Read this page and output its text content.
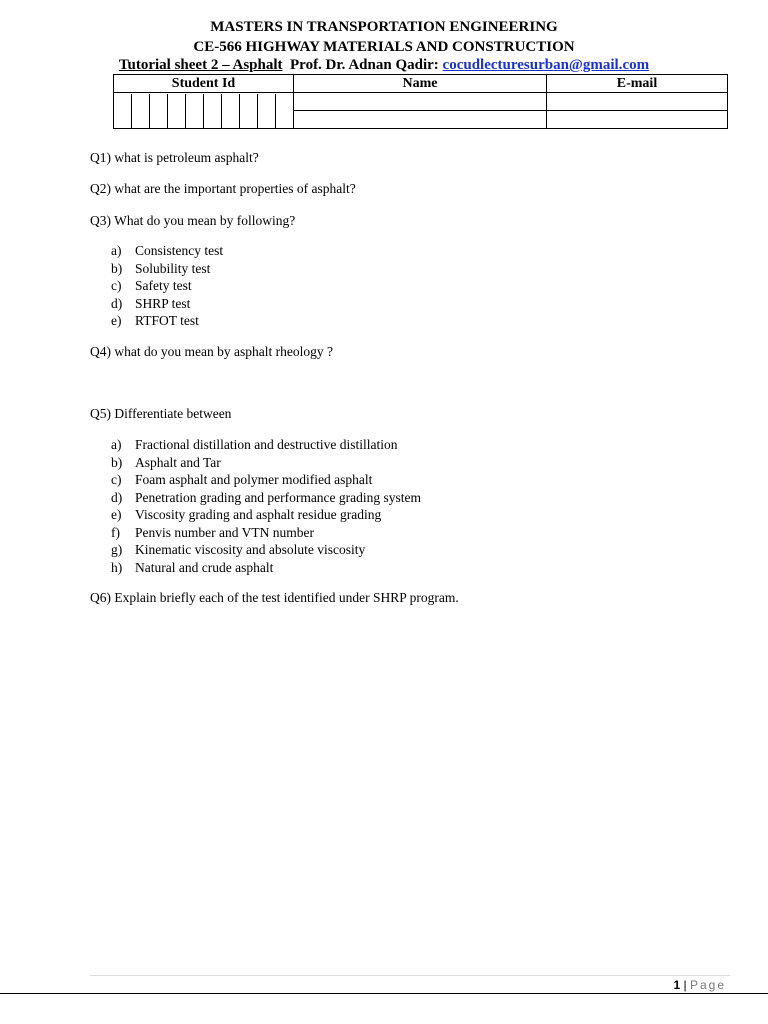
MASTERS IN TRANSPORTATION ENGINEERING
CE-566 HIGHWAY MATERIALS AND CONSTRUCTION
Tutorial sheet 2 – Asphalt  Prof. Dr. Adnan Qadir: cocudlecturesurban@gmail.com
Student Id	Name	E-mail

Q1) what is petroleum asphalt?
Q2) what are the important properties of asphalt?
Q3) What do you mean by following?
a)	Consistency test
b) Solubility test
c)	Safety test
d) SHRP test
e)	RTFOT test
Q4) what do you mean by asphalt rheology ?
Q5) Differentiate between
a)	Fractional distillation and destructive distillation
b) Asphalt and Tar
c)	Foam asphalt and polymer modified asphalt
d) Penetration grading and performance grading system
e)	Viscosity grading and asphalt residue grading
f)	Penvis number and VTN number
g) Kinematic viscosity and absolute viscosity
h) Natural and crude asphalt
Q6) Explain briefly each of the test identified under SHRP program.
1 | Page
